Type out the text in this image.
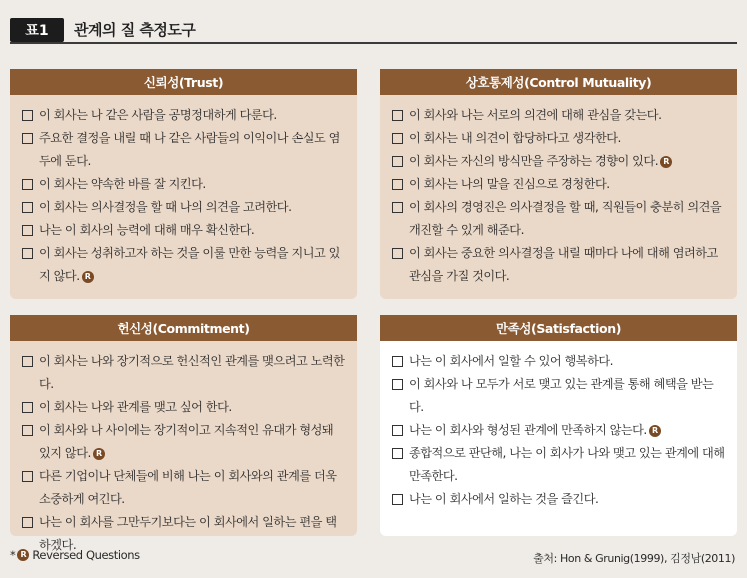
표1	관계의 질 측정도구
신뢰성(Trust)
이 회사는 나 같은 사람을 공명정대하게 다룬다.
주요한 결정을 내릴 때 나 같은 사람들의 이익이나 손실도 염두에 둔다.
이 회사는 약속한 바를 잘 지킨다.
이 회사는 의사결정을 할 때 나의 의견을 고려한다.
나는 이 회사의 능력에 대해 매우 확신한다.
이 회사는 성취하고자 하는 것을 이룰 만한 능력을 지니고 있지 않다. R
상호통제성(Control Mutuality)
이 회사와 나는 서로의 의견에 대해 관심을 갖는다.
이 회사는 내 의견이 합당하다고 생각한다.
이 회사는 자신의 방식만을 주장하는 경향이 있다. R
이 회사는 나의 말을 진심으로 경청한다.
이 회사의 경영진은 의사결정을 할 때, 직원들이 충분히 의견을 개진할 수 있게 해준다.
이 회사는 중요한 의사결정을 내릴 때마다 나에 대해 염려하고 관심을 가질 것이다.
헌신성(Commitment)
이 회사는 나와 장기적으로 헌신적인 관계를 맺으려고 노력한다.
이 회사는 나와 관계를 맺고 싶어 한다.
이 회사와 나 사이에는 장기적이고 지속적인 유대가 형성돼 있지 않다. R
다른 기업이나 단체들에 비해 나는 이 회사와의 관계를 더욱 소중하게 여긴다.
나는 이 회사를 그만두기보다는 이 회사에서 일하는 편을 택하겠다.
만족성(Satisfaction)
나는 이 회사에서 일할 수 있어 행복하다.
이 회사와 나 모두가 서로 맺고 있는 관계를 통해 혜택을 받는다.
나는 이 회사와 형성된 관계에 만족하지 않는다. R
종합적으로 판단해, 나는 이 회사가 나와 맺고 있는 관계에 대해 만족한다.
나는 이 회사에서 일하는 것을 즐긴다.
* R Reversed Questions	출처: Hon & Grunig(1999), 김정남(2011)
